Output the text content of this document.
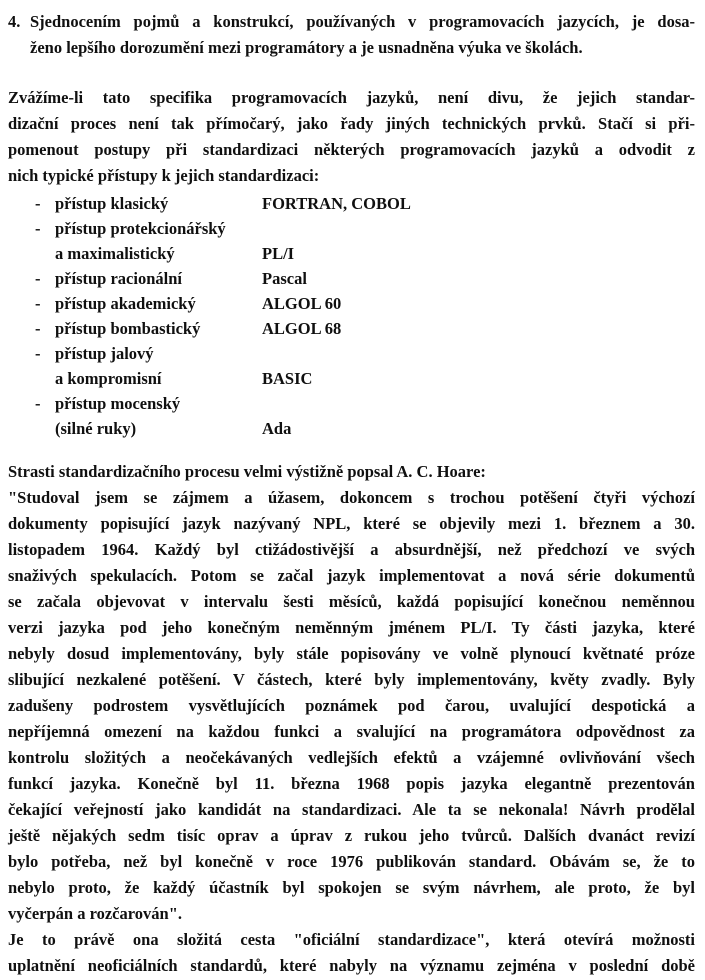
4. Sjednocením pojmů a konstrukcí, používaných v programovacích jazycích, je dosa-
ženo lepšího dorozumění mezi programátory a je usnadněna výuka ve školách.
Zvážíme-li tato specifika programovacích jazyků, není divu, že jejich standar-
dizační proces není tak přímočarý, jako řady jiných technických prvků. Stačí si při-
pomenout postupy při standardizaci některých programovacích jazyků a odvodit z
nich typické přístupy k jejich standardizaci:
- přístup klasický	FORTRAN, COBOL
- přístup protekcionářský
a maximalistický	PL/I
- přístup racionální	Pascal
- přístup akademický	ALGOL 60
- přístup bombastický	ALGOL 68
- přístup jalový
a kompromisní	BASIC
- přístup mocenský
(silné ruky)	Ada
Strasti standardizačního procesu velmi výstižně popsal A. C. Hoare:
"Studoval jsem se zájmem a úžasem, dokoncem s trochou potěšení čtyři výchozí
dokumenty popisující jazyk nazývaný NPL, které se objevily mezi 1. březnem a 30.
listopadem 1964. Každý byl ctižádostivější a absurdnější, než předchozí ve svých
snaživých spekulacích. Potom se začal jazyk implementovat a nová série dokumentů
se začala objevovat v intervalu šesti měsíců, každá popisující konečnou neměnnou
verzi jazyka pod jeho konečným neměnným jménem PL/I. Ty části jazyka, které
nebyly dosud implementovány, byly stále popisovány ve volně plynoucí květnaté próze
slibující nezkalené potěšení. V částech, které byly implementovány, květy zvadly. Byly
zadušeny podrostem vysvětlujících poznámek pod čarou, uvalující despotická a
nepříjemná omezení na každou funkci a svalující na programátora odpovědnost za
kontrolu složitých a neočekávaných vedlejších efektů a vzájemné ovlivňování všech
funkcí jazyka. Konečně byl 11. března 1968 popis jazyka elegantně prezentován
čekající veřejností jako kandidát na standardizaci. Ale ta se nekonala! Návrh prodělal
ještě nějakých sedm tisíc oprav a úprav z rukou jeho tvůrců. Dalších dvanáct revizí
bylo potřeba, než byl konečně v roce 1976 publikován standard. Obávám se, že to
nebylo proto, že každý účastník byl spokojen se svým návrhem, ale proto, že byl
vyčerpán a rozčarován".
Je to právě ona složitá cesta "oficiální standardizace", která otevírá možnosti
uplatnění neoficiálních standardů, které nabyly na významu zejména v poslední době
